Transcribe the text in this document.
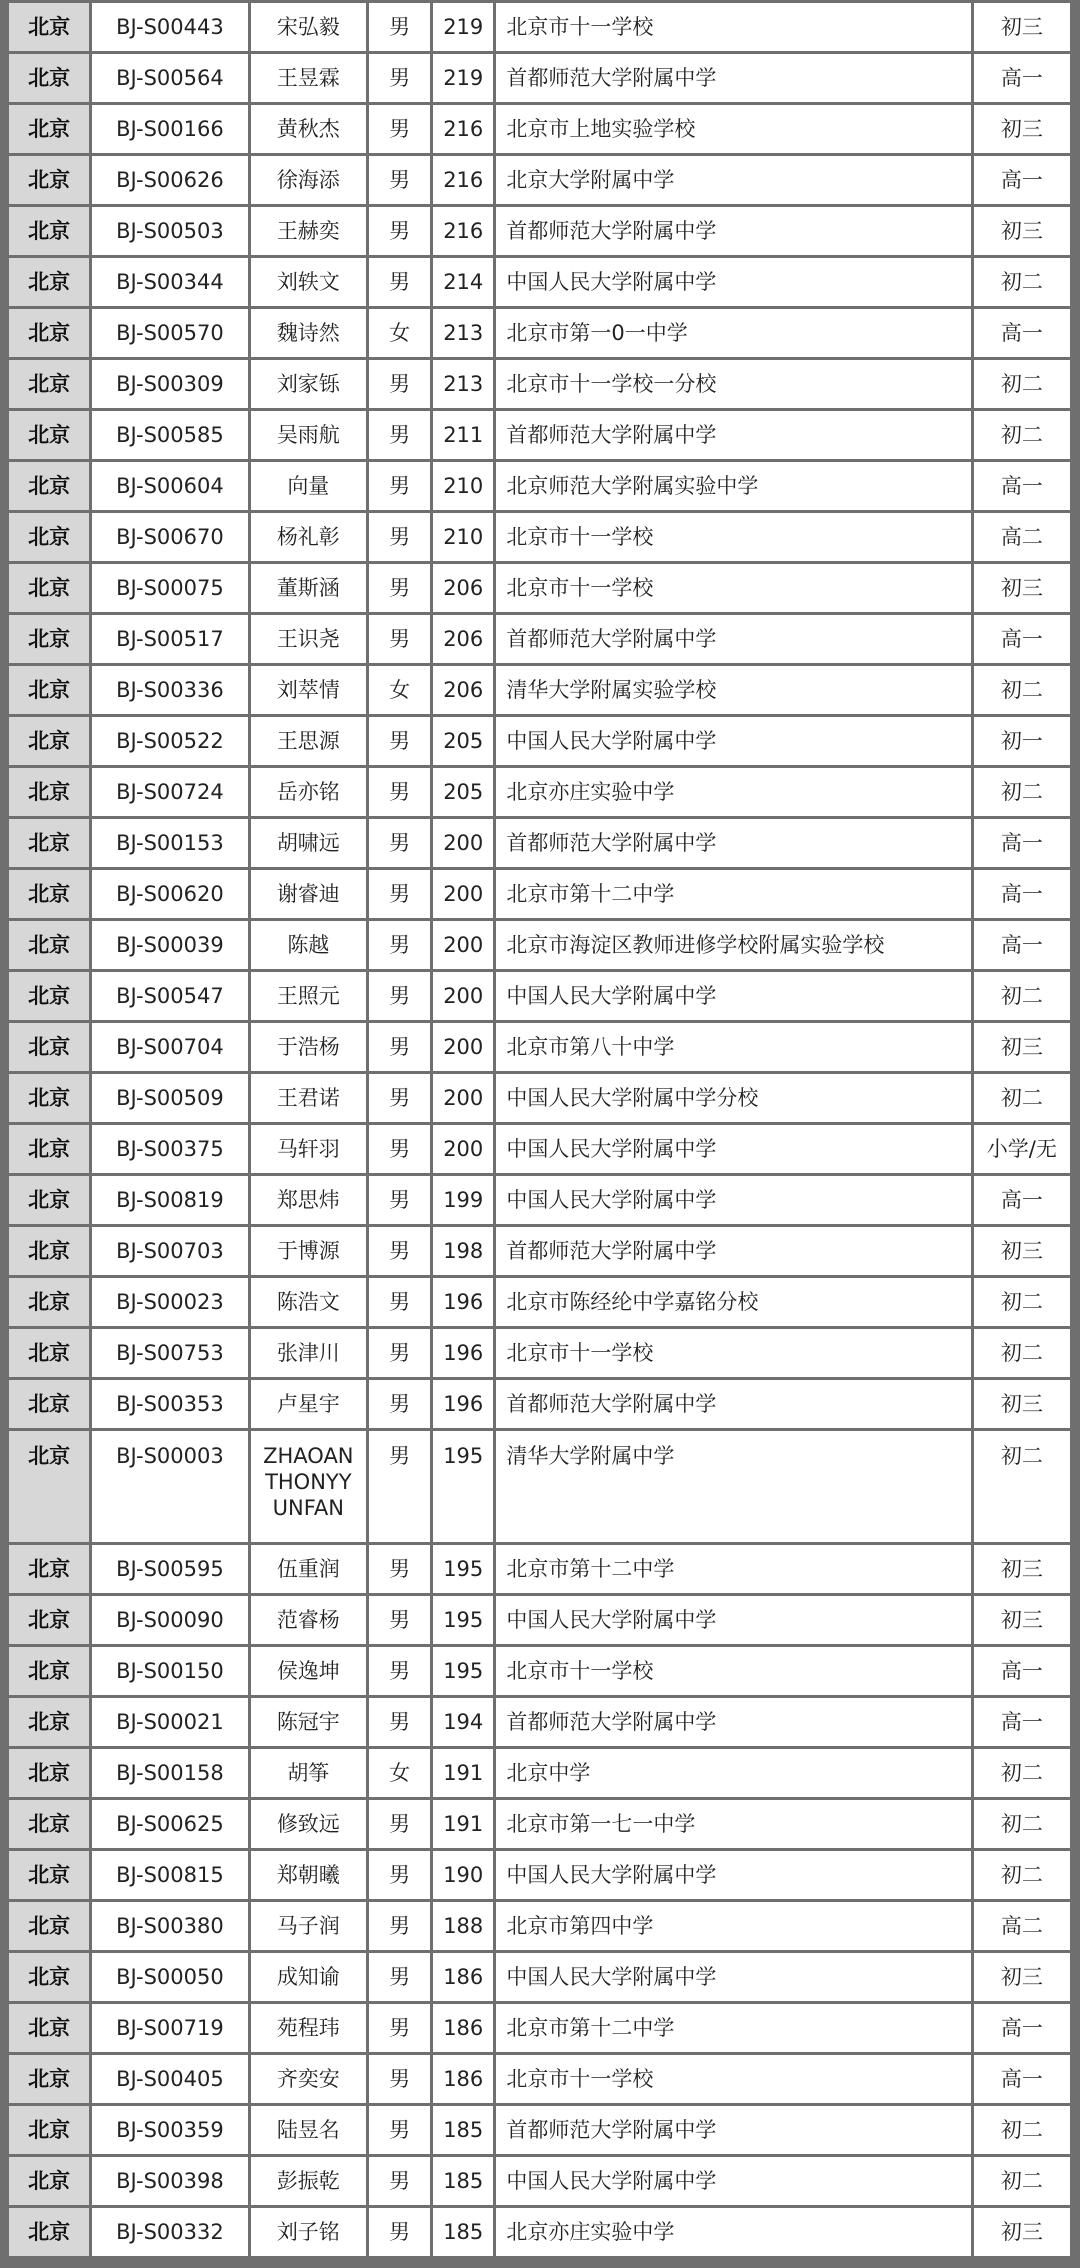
北京	BJ-S00443	宋弘毅	男	219	北京市十一学校	初三
北京	BJ-S00564	王昱霖	男	219	首都师范大学附属中学	高一
北京	BJ-S00166	黄秋杰	男	216	北京市上地实验学校	初三
北京	BJ-S00626	徐海添	男	216	北京大学附属中学	高一
北京	BJ-S00503	王赫奕	男	216	首都师范大学附属中学	初三
北京	BJ-S00344	刘轶文	男	214	中国人民大学附属中学	初二
北京	BJ-S00570	魏诗然	女	213	北京市第一0一中学	高一
北京	BJ-S00309	刘家铄	男	213	北京市十一学校一分校	初二
北京	BJ-S00585	吴雨航	男	211	首都师范大学附属中学	初二
北京	BJ-S00604	向量	男	210	北京师范大学附属实验中学	高一
北京	BJ-S00670	杨礼彰	男	210	北京市十一学校	高二
北京	BJ-S00075	董斯涵	男	206	北京市十一学校	初三
北京	BJ-S00517	王识尧	男	206	首都师范大学附属中学	高一
北京	BJ-S00336	刘萃情	女	206	清华大学附属实验学校	初二
北京	BJ-S00522	王思源	男	205	中国人民大学附属中学	初一
北京	BJ-S00724	岳亦铭	男	205	北京亦庄实验中学	初二
北京	BJ-S00153	胡啸远	男	200	首都师范大学附属中学	高一
北京	BJ-S00620	谢睿迪	男	200	北京市第十二中学	高一
北京	BJ-S00039	陈越	男	200	北京市海淀区教师进修学校附属实验学校	高一
北京	BJ-S00547	王照元	男	200	中国人民大学附属中学	初二
北京	BJ-S00704	于浩杨	男	200	北京市第八十中学	初三
北京	BJ-S00509	王君诺	男	200	中国人民大学附属中学分校	初二
北京	BJ-S00375	马轩羽	男	200	中国人民大学附属中学	小学/无
北京	BJ-S00819	郑思炜	男	199	中国人民大学附属中学	高一
北京	BJ-S00703	于博源	男	198	首都师范大学附属中学	初三
北京	BJ-S00023	陈浩文	男	196	北京市陈经纶中学嘉铭分校	初二
北京	BJ-S00753	张津川	男	196	北京市十一学校	初二
北京	BJ-S00353	卢星宇	男	196	首都师范大学附属中学	初三
北京	BJ-S00003	ZHAOANTHONYYUNFAN	男	195	清华大学附属中学	初二
北京	BJ-S00595	伍重润	男	195	北京市第十二中学	初三
北京	BJ-S00090	范睿杨	男	195	中国人民大学附属中学	初三
北京	BJ-S00150	侯逸坤	男	195	北京市十一学校	高一
北京	BJ-S00021	陈冠宇	男	194	首都师范大学附属中学	高一
北京	BJ-S00158	胡筝	女	191	北京中学	初二
北京	BJ-S00625	修致远	男	191	北京市第一七一中学	初二
北京	BJ-S00815	郑朝曦	男	190	中国人民大学附属中学	初二
北京	BJ-S00380	马子润	男	188	北京市第四中学	高二
北京	BJ-S00050	成知谕	男	186	中国人民大学附属中学	初三
北京	BJ-S00719	苑程玮	男	186	北京市第十二中学	高一
北京	BJ-S00405	齐奕安	男	186	北京市十一学校	高一
北京	BJ-S00359	陆昱名	男	185	首都师范大学附属中学	初二
北京	BJ-S00398	彭振乾	男	185	中国人民大学附属中学	初二
北京	BJ-S00332	刘子铭	男	185	北京亦庄实验中学	初三
